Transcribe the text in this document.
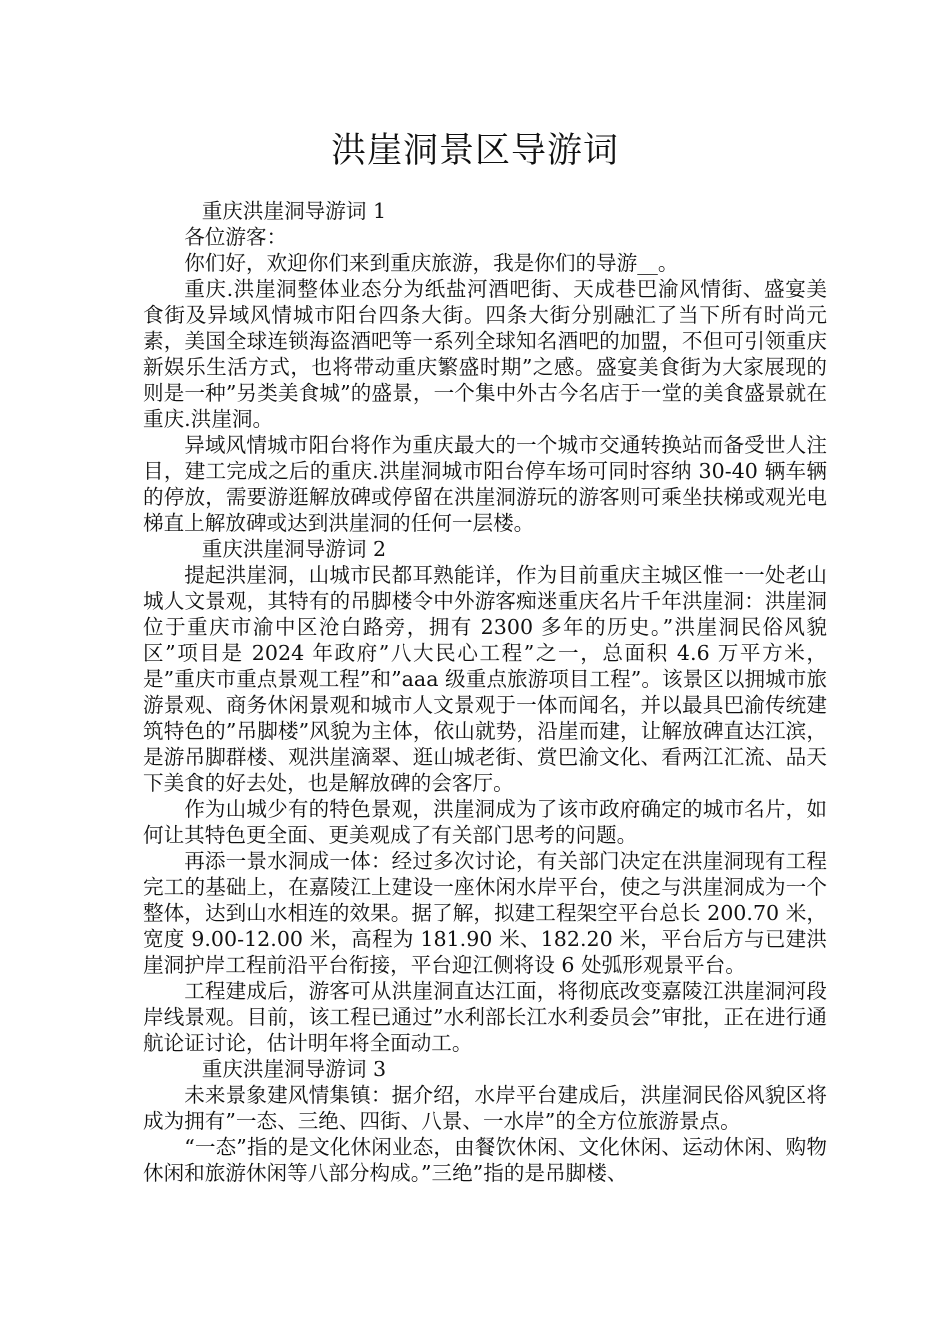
洪崖洞景区导游词

重庆洪崖洞导游词 1

各位游客：

你们好，欢迎你们来到重庆旅游，我是你们的导游__。

重庆.洪崖洞整体业态分为纸盐河酒吧街、天成巷巴渝风情街、盛宴美食街及异域风情城市阳台四条大街。四条大街分别融汇了当下所有时尚元素，美国全球连锁海盗酒吧等一系列全球知名酒吧的加盟，不但可引领重庆新娱乐生活方式，也将带动重庆繁盛时期”之感。盛宴美食街为大家展现的则是一种”另类美食城”的盛景，一个集中外古今名店于一堂的美食盛景就在重庆.洪崖洞。

异域风情城市阳台将作为重庆最大的一个城市交通转换站而备受世人注目，建工完成之后的重庆.洪崖洞城市阳台停车场可同时容纳 30-40 辆车辆的停放，需要游逛解放碑或停留在洪崖洞游玩的游客则可乘坐扶梯或观光电梯直上解放碑或达到洪崖洞的任何一层楼。

重庆洪崖洞导游词 2

提起洪崖洞，山城市民都耳熟能详，作为目前重庆主城区惟一一处老山城人文景观，其特有的吊脚楼令中外游客痴迷重庆名片千年洪崖洞：洪崖洞位于重庆市渝中区沧白路旁，拥有 2300 多年的历史。”洪崖洞民俗风貌区”项目是 2024 年政府”八大民心工程”之一，总面积 4.6 万平方米，是”重庆市重点景观工程”和”aaa 级重点旅游项目工程”。该景区以拥城市旅游景观、商务休闲景观和城市人文景观于一体而闻名，并以最具巴渝传统建筑特色的”吊脚楼”风貌为主体，依山就势，沿崖而建，让解放碑直达江滨，是游吊脚群楼、观洪崖滴翠、逛山城老街、赏巴渝文化、看两江汇流、品天下美食的好去处，也是解放碑的会客厅。

作为山城少有的特色景观，洪崖洞成为了该市政府确定的城市名片，如何让其特色更全面、更美观成了有关部门思考的问题。

再添一景水洞成一体：经过多次讨论，有关部门决定在洪崖洞现有工程完工的基础上，在嘉陵江上建设一座休闲水岸平台，使之与洪崖洞成为一个整体，达到山水相连的效果。据了解，拟建工程架空平台总长 200.70 米，宽度 9.00-12.00 米，高程为 181.90 米、182.20 米，平台后方与已建洪崖洞护岸工程前沿平台衔接，平台迎江侧将设 6 处弧形观景平台。

工程建成后，游客可从洪崖洞直达江面，将彻底改变嘉陵江洪崖洞河段岸线景观。目前，该工程已通过”水利部长江水利委员会”审批，正在进行通航论证讨论，估计明年将全面动工。

重庆洪崖洞导游词 3

未来景象建风情集镇：据介绍，水岸平台建成后，洪崖洞民俗风貌区将成为拥有”一态、三绝、四街、八景、一水岸”的全方位旅游景点。

“一态”指的是文化休闲业态，由餐饮休闲、文化休闲、运动休闲、购物休闲和旅游休闲等八部分构成。”三绝”指的是吊脚楼、
